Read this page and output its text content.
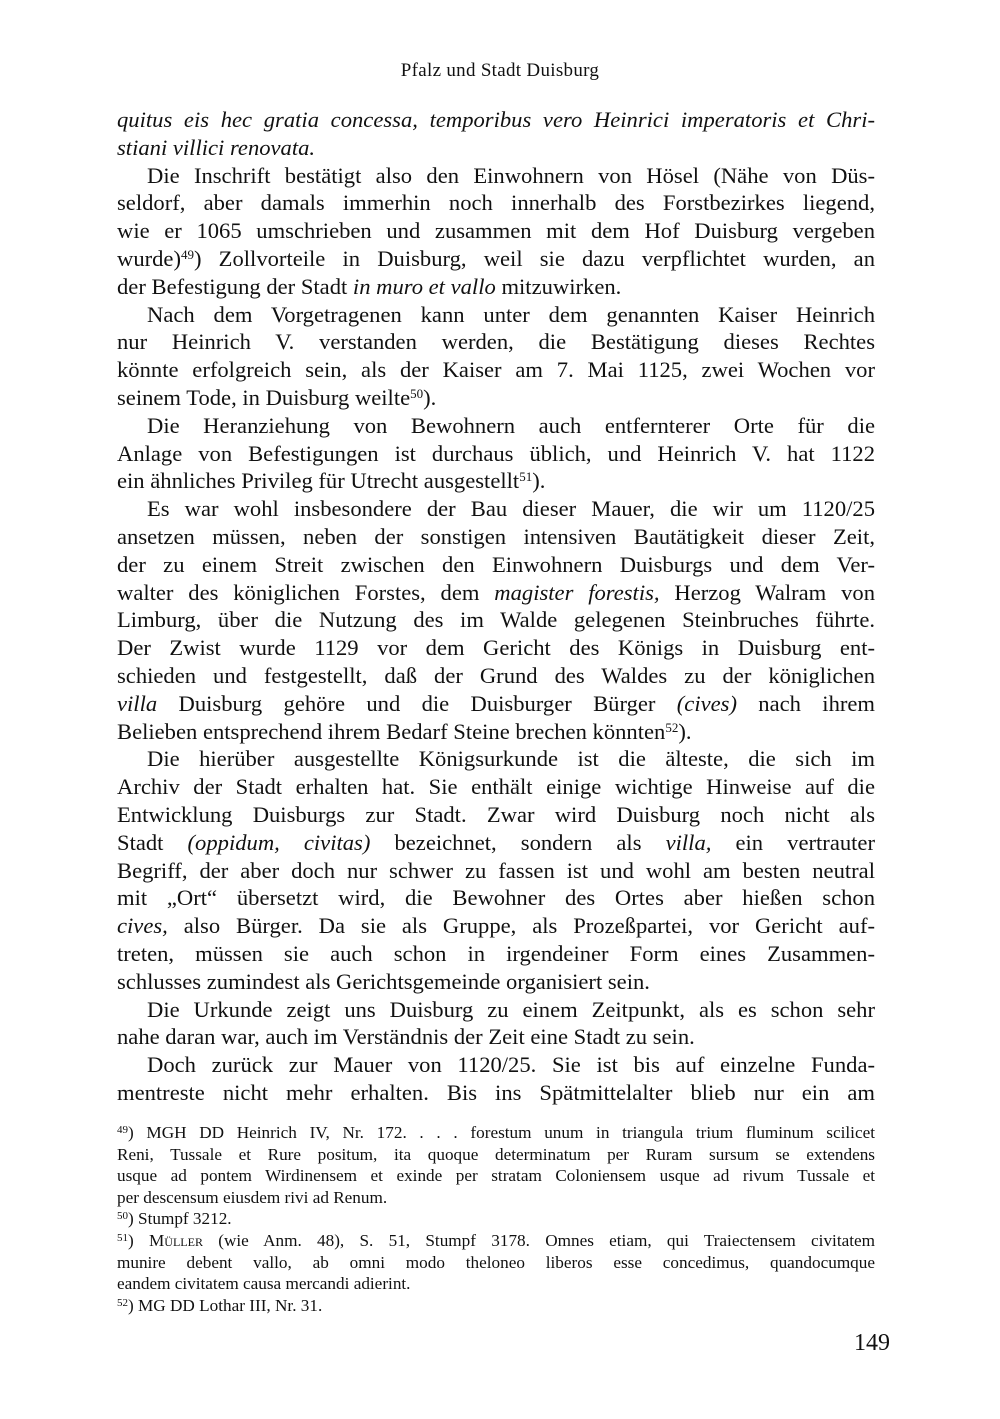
Pfalz und Stadt Duisburg
quitus eis hec gratia concessa, temporibus vero Heinrici imperatoris et Chri-
stiani villici renovata.
Die Inschrift bestätigt also den Einwohnern von Hösel (Nähe von Düs-
seldorf, aber damals immerhin noch innerhalb des Forstbezirkes liegend,
wie er 1065 umschrieben und zusammen mit dem Hof Duisburg vergeben
wurde)$^{49}$) Zollvorteile in Duisburg, weil sie dazu verpflichtet wurden, an
der Befestigung der Stadt in muro et vallo mitzuwirken.
Nach dem Vorgetragenen kann unter dem genannten Kaiser Heinrich
nur Heinrich V. verstanden werden, die Bestätigung dieses Rechtes
könnte erfolgreich sein, als der Kaiser am 7. Mai 1125, zwei Wochen vor
seinem Tode, in Duisburg weilte$^{50}$).
Die Heranziehung von Bewohnern auch entfernterer Orte für die
Anlage von Befestigungen ist durchaus üblich, und Heinrich V. hat 1122
ein ähnliches Privileg für Utrecht ausgestellt$^{51}$).
Es war wohl insbesondere der Bau dieser Mauer, die wir um 1120/25
ansetzen müssen, neben der sonstigen intensiven Bautätigkeit dieser Zeit,
der zu einem Streit zwischen den Einwohnern Duisburgs und dem Ver-
walter des königlichen Forstes, dem magister forestis, Herzog Walram von
Limburg, über die Nutzung des im Walde gelegenen Steinbruches führte.
Der Zwist wurde 1129 vor dem Gericht des Königs in Duisburg ent-
schieden und festgestellt, daß der Grund des Waldes zu der königlichen
villa Duisburg gehöre und die Duisburger Bürger (cives) nach ihrem
Belieben entsprechend ihrem Bedarf Steine brechen könnten$^{52}$).
Die hierüber ausgestellte Königsurkunde ist die älteste, die sich im
Archiv der Stadt erhalten hat. Sie enthält einige wichtige Hinweise auf die
Entwicklung Duisburgs zur Stadt. Zwar wird Duisburg noch nicht als
Stadt (oppidum, civitas) bezeichnet, sondern als villa, ein vertrauter
Begriff, der aber doch nur schwer zu fassen ist und wohl am besten neutral
mit „Ort“ übersetzt wird, die Bewohner des Ortes aber hießen schon
cives, also Bürger. Da sie als Gruppe, als Prozeßpartei, vor Gericht auf-
treten, müssen sie auch schon in irgendeiner Form eines Zusammen-
schlusses zumindest als Gerichtsgemeinde organisiert sein.
Die Urkunde zeigt uns Duisburg zu einem Zeitpunkt, als es schon sehr
nahe daran war, auch im Verständnis der Zeit eine Stadt zu sein.
Doch zurück zur Mauer von 1120/25. Sie ist bis auf einzelne Funda-
mentreste nicht mehr erhalten. Bis ins Spätmittelalter blieb nur ein am
$^{49}$) MGH DD Heinrich IV, Nr. 172. . . . forestum unum in triangula trium fluminum scilicet
Reni, Tussale et Rure positum, ita quoque determinatum per Ruram sursum se extendens
usque ad pontem Wirdinensem et exinde per stratam Coloniensem usque ad rivum Tussale et
per descensum eiusdem rivi ad Renum.
$^{50}$) Stumpf 3212.
$^{51}$) Müller (wie Anm. 48), S. 51, Stumpf 3178. Omnes etiam, qui Traiectensem civitatem
munire debent vallo, ab omni modo theloneo liberos esse concedimus, quandocumque
eandem civitatem causa mercandi adierint.
$^{52}$) MG DD Lothar III, Nr. 31.
149
